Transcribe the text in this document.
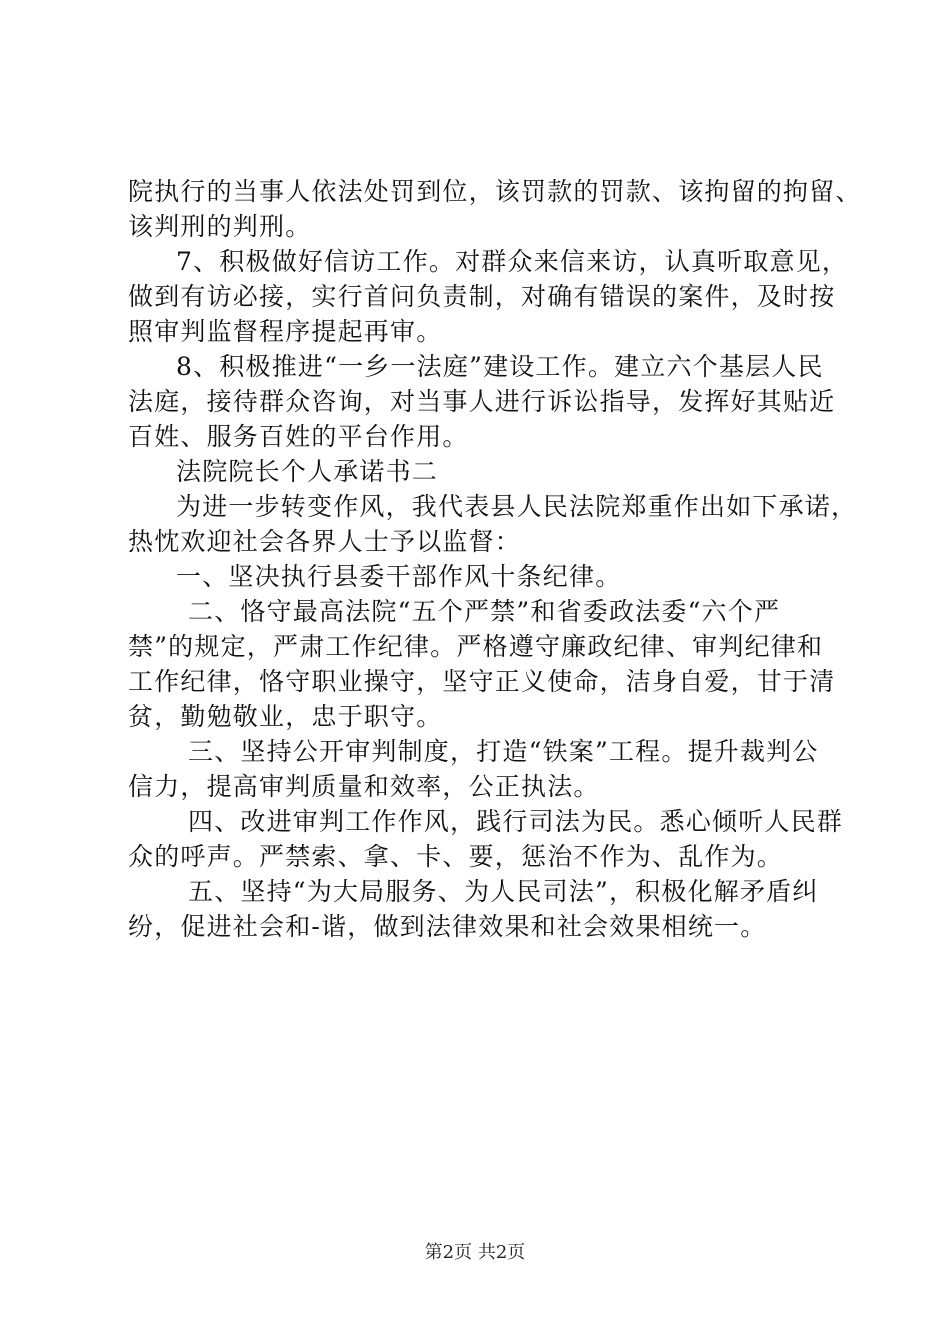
院执行的当事人依法处罚到位，该罚款的罚款、该拘留的拘留、
该判刑的判刑。
7、积极做好信访工作。对群众来信来访，认真听取意见，
做到有访必接，实行首问负责制，对确有错误的案件，及时按
照审判监督程序提起再审。
8、积极推进“一乡一法庭”建设工作。建立六个基层人民
法庭，接待群众咨询，对当事人进行诉讼指导，发挥好其贴近
百姓、服务百姓的平台作用。
法院院长个人承诺书二
为进一步转变作风，我代表县人民法院郑重作出如下承诺，
热忱欢迎社会各界人士予以监督：
一、坚决执行县委干部作风十条纪律。
二、恪守最高法院“五个严禁”和省委政法委“六个严
禁”的规定，严肃工作纪律。严格遵守廉政纪律、审判纪律和
工作纪律，恪守职业操守，坚守正义使命，洁身自爱，甘于清
贫，勤勉敬业，忠于职守。
三、坚持公开审判制度，打造“铁案”工程。提升裁判公
信力，提高审判质量和效率，公正执法。
四、改进审判工作作风，践行司法为民。悉心倾听人民群
众的呼声。严禁索、拿、卡、要，惩治不作为、乱作为。
五、坚持“为大局服务、为人民司法”，积极化解矛盾纠
纷，促进社会和-谐，做到法律效果和社会效果相统一。
第2页 共2页
